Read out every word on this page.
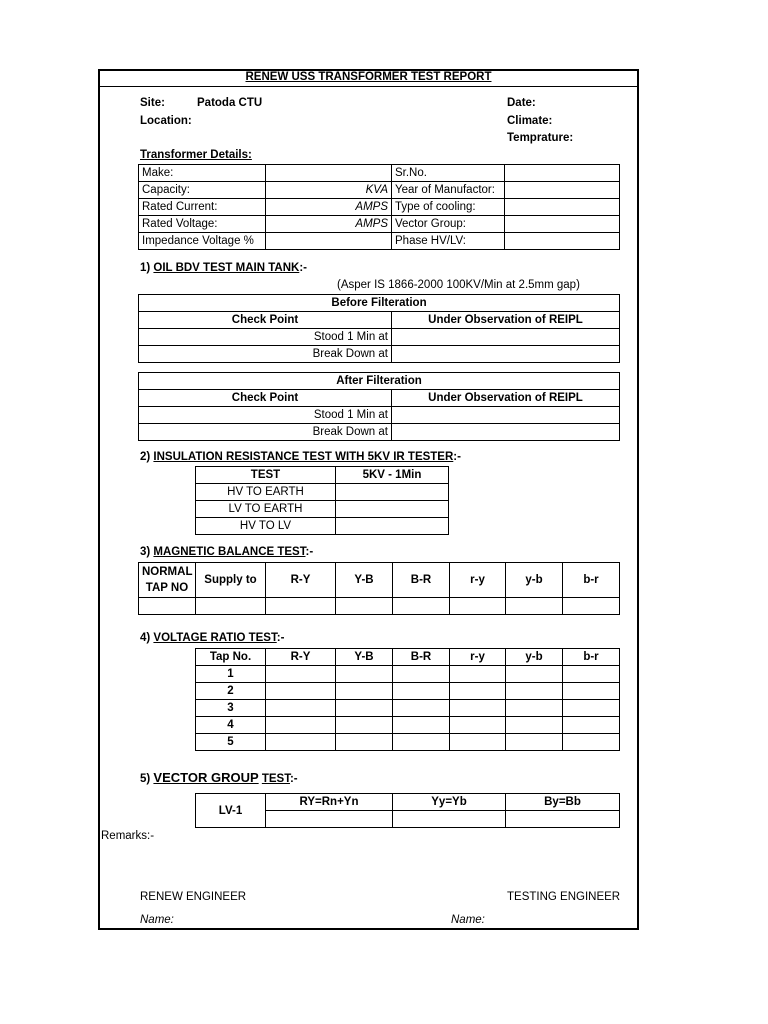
RENEW USS TRANSFORMER TEST REPORT
Site:	Patoda CTU
Location:
Date:
Climate:
Temprature:
Transformer Details:
Make:		Sr.No.	
Capacity:	KVA	Year of Manufactor:	
Rated Current:	AMPS	Type of cooling:	
Rated Voltage:	AMPS	Vector Group:	
Impedance Voltage %		Phase HV/LV:	
1) OIL BDV TEST MAIN TANK:-
(Asper IS 1866-2000 100KV/Min at 2.5mm gap)
Before Filteration	
Check Point	Under Observation of REIPL
Stood 1 Min at	
Break Down at	
After Filteration	
Check Point	Under Observation of REIPL
Stood 1 Min at	
Break Down at	
2) INSULATION RESISTANCE TEST WITH 5KV IR TESTER:-
TEST	5KV - 1Min
HV TO EARTH	
LV TO EARTH	
HV TO LV	
3) MAGNETIC BALANCE TEST:-
NORMAL
TAP NO	Supply to	R-Y	Y-B	B-R	r-y	y-b	b-r

4) VOLTAGE RATIO TEST:-
Tap No.	R-Y	Y-B	B-R	r-y	y-b	b-r
1						
2						
3						
4						
5						
5) VECTOR GROUP TEST:-
LV-1	RY=Rn+Yn	Yy=Yb	By=Bb

Remarks:-
RENEW ENGINEER	TESTING ENGINEER
Name:	Name:
